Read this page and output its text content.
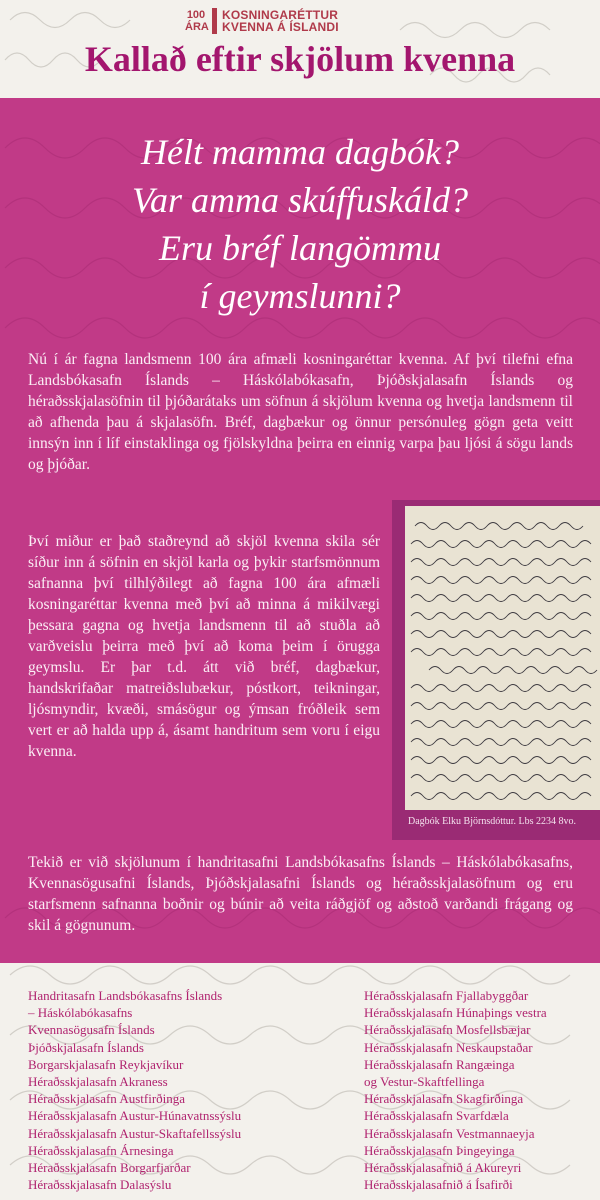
100
ÁRA
KOSNINGARÉTTUR
KVENNA Á ÍSLANDI
Kallað eftir skjölum kvenna
Hélt mamma dagbók?
Var amma skúffuskáld?
Eru bréf langömmu
í geymslunni?
Nú í ár fagna landsmenn 100 ára afmæli kosningaréttar kvenna. Af því tilefni efna Landsbókasafn Íslands – Háskólabókasafn, Þjóðskjalasafn Íslands og héraðsskjalasöfnin til þjóðarátaks um söfnun á skjölum kvenna og hvetja landsmenn til að afhenda þau á skjalasöfn. Bréf, dagbækur og önnur persónuleg gögn geta veitt innsýn inn í líf einstaklinga og fjölskyldna þeirra en einnig varpa þau ljósi á sögu lands og þjóðar.
Því miður er það staðreynd að skjöl kvenna skila sér síður inn á söfnin en skjöl karla og þykir starfsmönnum safnanna því tilhlýðilegt að fagna 100 ára afmæli kosningaréttar kvenna með því að minna á mikilvægi þessara gagna og hvetja landsmenn til að stuðla að varðveislu þeirra með því að koma þeim í örugga geymslu. Er þar t.d. átt við bréf, dagbækur, handskrifaðar matreiðslubækur, póstkort, teikningar, ljósmyndir, kvæði, smásögur og ýmsan fróðleik sem vert er að halda upp á, ásamt handritum sem voru í eigu kvenna.
Dagbók Elku Björnsdóttur. Lbs 2234 8vo.
Tekið er við skjölunum í handritasafni Landsbókasafns Íslands – Háskólabókasafns, Kvennasögusafni Íslands, Þjóðskjalasafni Íslands og héraðsskjalasöfnum og eru starfsmenn safnanna boðnir og búnir að veita ráðgjöf og aðstoð varðandi frágang og skil á gögnunum.
Handritasafn Landsbókasafns Íslands
– Háskólabókasafns
Kvennasögusafn Íslands
Þjóðskjalasafn Íslands
Borgarskjalasafn Reykjavíkur
Héraðsskjalasafn Akraness
Héraðsskjalasafn Austfirðinga
Héraðsskjalasafn Austur-Húnavatnssýslu
Héraðsskjalasafn Austur-Skaftafellssýslu
Héraðsskjalasafn Árnesinga
Héraðsskjalasafn Borgarfjarðar
Héraðsskjalasafn Dalasýslu
Héraðsskjalasafn Fjallabyggðar
Héraðsskjalasafn Húnaþings vestra
Héraðsskjalasafn Mosfellsbæjar
Héraðsskjalasafn Neskaupstaðar
Héraðsskjalasafn Rangæinga
og Vestur-Skaftfellinga
Héraðsskjalasafn Skagfirðinga
Héraðsskjalasafn Svarfdæla
Héraðsskjalasafn Vestmannaeyja
Héraðsskjalasafn Þingeyinga
Héraðsskjalasafnið á Akureyri
Héraðsskjalasafnið á Ísafirði
